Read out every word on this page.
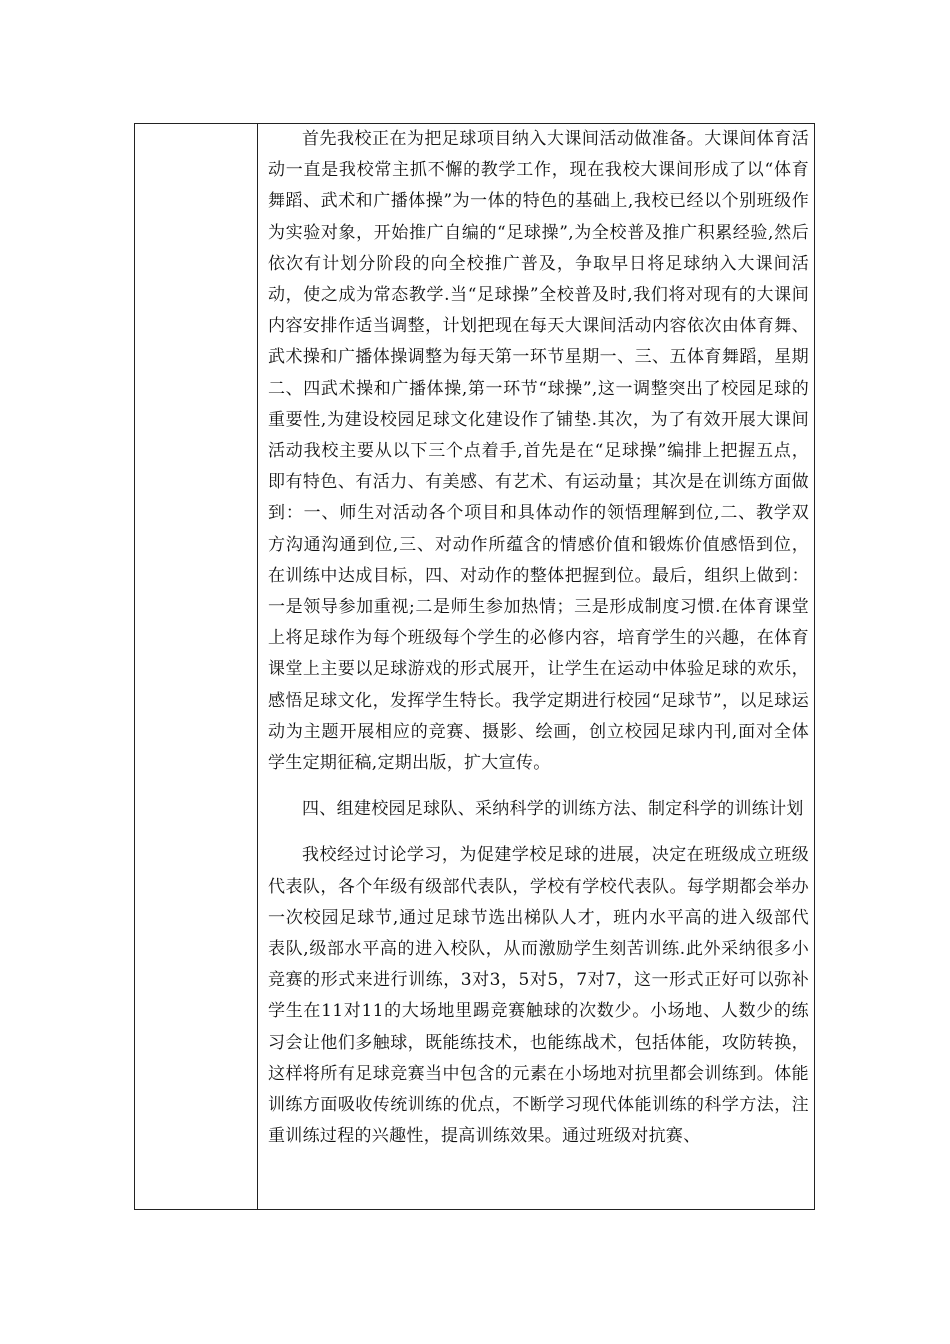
首先我校正在为把足球项目纳入大课间活动做准备。大课间体育活动一直是我校常主抓不懈的教学工作，现在我校大课间形成了以“体育舞蹈、武术和广播体操”为一体的特色的基础上,我校已经以个别班级作为实验对象，开始推广自编的“足球操”,为全校普及推广积累经验,然后依次有计划分阶段的向全校推广普及，争取早日将足球纳入大课间活动，使之成为常态教学.当“足球操”全校普及时,我们将对现有的大课间内容安排作适当调整，计划把现在每天大课间活动内容依次由体育舞、武术操和广播体操调整为每天第一环节星期一、三、五体育舞蹈，星期二、四武术操和广播体操,第一环节“球操”,这一调整突出了校园足球的重要性,为建设校园足球文化建设作了铺垫.其次，为了有效开展大课间活动我校主要从以下三个点着手,首先是在“足球操”编排上把握五点，即有特色、有活力、有美感、有艺术、有运动量；其次是在训练方面做到：一、师生对活动各个项目和具体动作的领悟理解到位,二、教学双方沟通沟通到位,三、对动作所蕴含的情感价值和锻炼价值感悟到位，在训练中达成目标，四、对动作的整体把握到位。最后，组织上做到：一是领导参加重视;二是师生参加热情；三是形成制度习惯.在体育课堂上将足球作为每个班级每个学生的必修内容，培育学生的兴趣，在体育课堂上主要以足球游戏的形式展开，让学生在运动中体验足球的欢乐，感悟足球文化，发挥学生特长。我学定期进行校园“足球节”，以足球运动为主题开展相应的竞赛、摄影、绘画，创立校园足球内刊,面对全体学生定期征稿,定期出版，扩大宣传。

四、组建校园足球队、采纳科学的训练方法、制定科学的训练计划

我校经过讨论学习，为促建学校足球的进展，决定在班级成立班级代表队，各个年级有级部代表队，学校有学校代表队。每学期都会举办一次校园足球节,通过足球节选出梯队人才，班内水平高的进入级部代表队,级部水平高的进入校队，从而激励学生刻苦训练.此外采纳很多小竞赛的形式来进行训练，3对3，5对5，7对7，这一形式正好可以弥补学生在11对11的大场地里踢竞赛触球的次数少。小场地、人数少的练习会让他们多触球，既能练技术，也能练战术，包括体能，攻防转换，这样将所有足球竞赛当中包含的元素在小场地对抗里都会训练到。体能训练方面吸收传统训练的优点，不断学习现代体能训练的科学方法，注重训练过程的兴趣性，提高训练效果。通过班级对抗赛、
